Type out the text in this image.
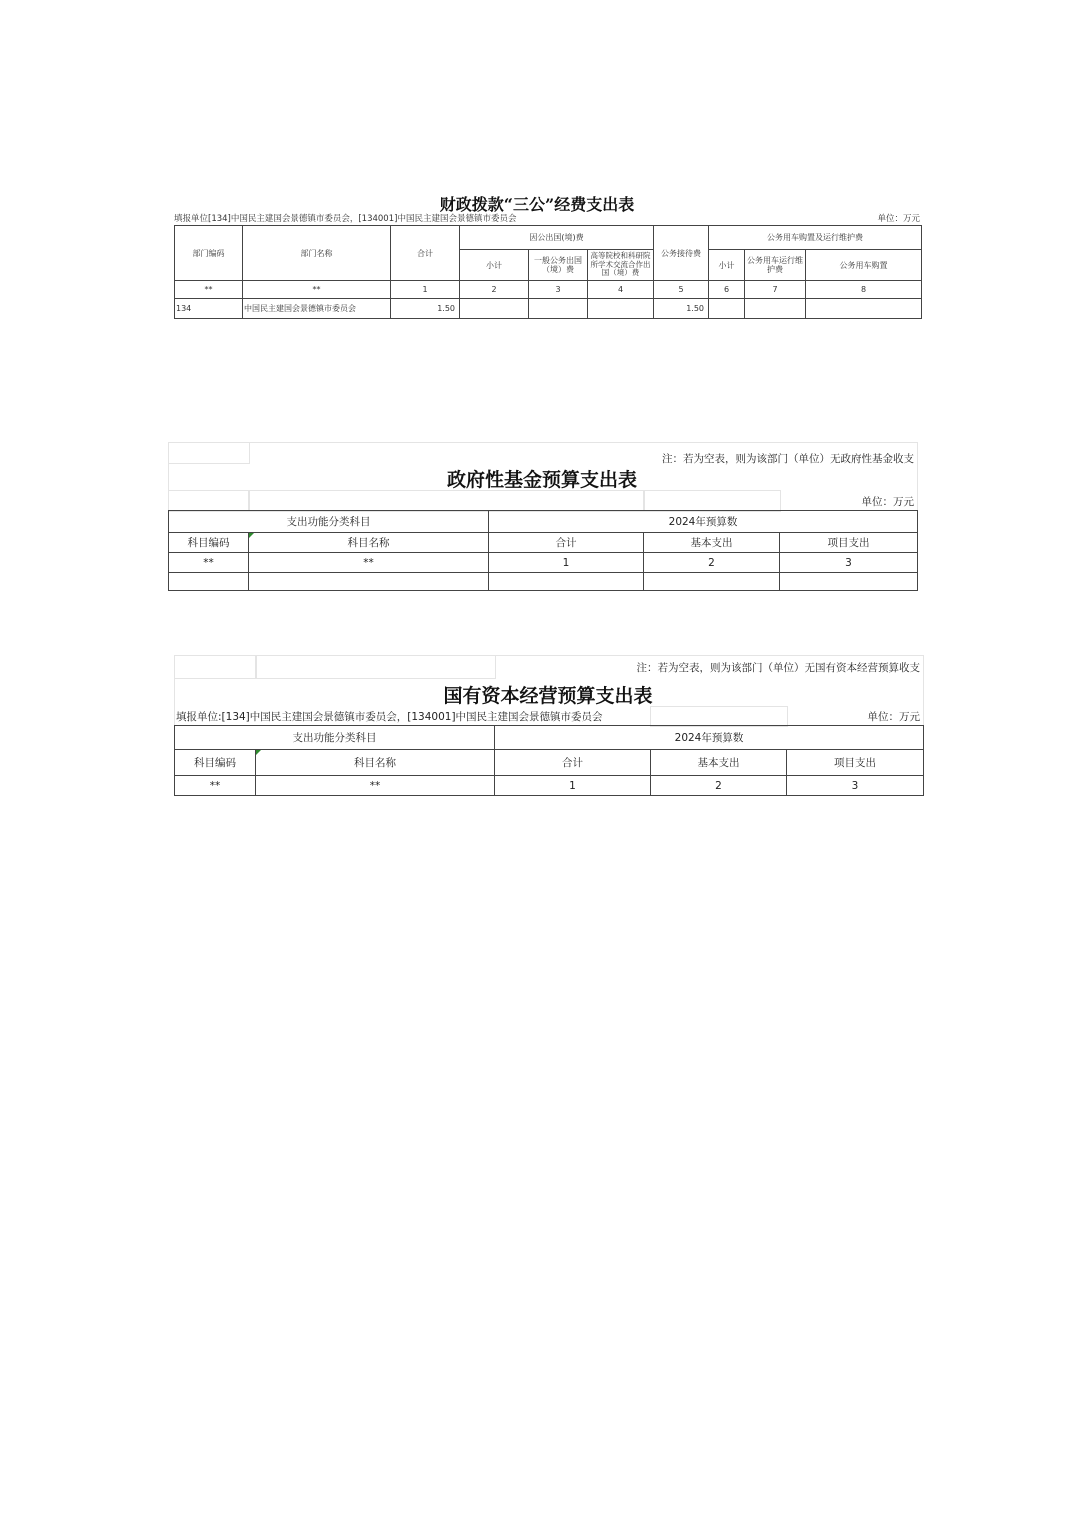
财政拨款“三公”经费支出表
填报单位[134]中国民主建国会景德镇市委员会，[134001]中国民主建国会景德镇市委员会	单位：万元
部门编码	部门名称	合计	因公出国(境)费			公务接待费	公务用车购置及运行维护费		
			小计	一般公务出国（境）费	高等院校和科研院所学术交流合作出国（境）费		小计	公务用车运行维护费	公务用车购置
**	**	1	2	3	4	5	6	7	8
134	中国民主建国会景德镇市委员会	1.50				1.50			
注：若为空表，则为该部门（单位）无政府性基金收支
政府性基金预算支出表
单位：万元
支出功能分类科目		2024年预算数		
科目编码	科目名称	合计	基本支出	项目支出
**	**	1	2	3

注：若为空表，则为该部门（单位）无国有资本经营预算收支
国有资本经营预算支出表
填报单位:[134]中国民主建国会景德镇市委员会，[134001]中国民主建国会景德镇市委员会	单位：万元
支出功能分类科目		2024年预算数		
科目编码	科目名称	合计	基本支出	项目支出
**	**	1	2	3
